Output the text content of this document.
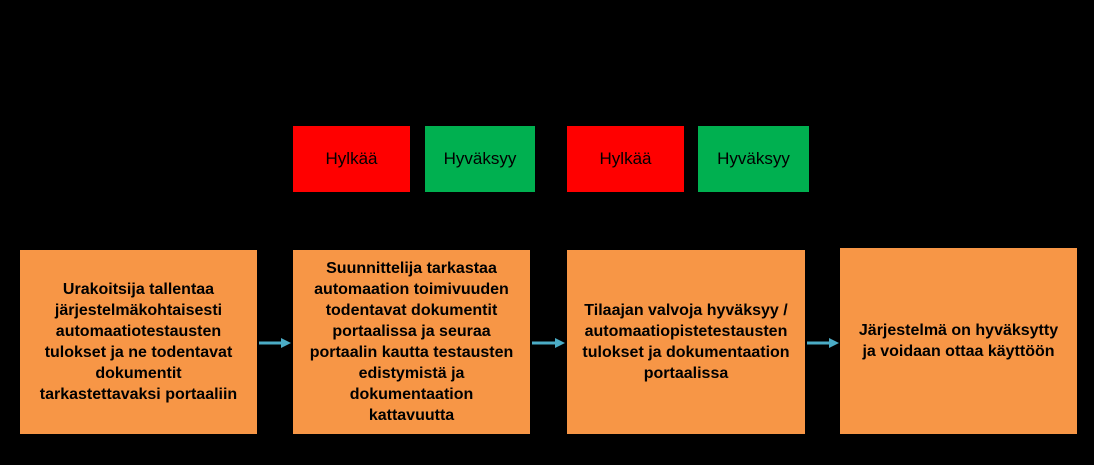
Hylkää	Hyväksyy	Hylkää	Hyväksyy
Urakoitsija tallentaa
järjestelmäkohtaisesti
automaatiotestausten
tulokset ja ne todentavat
dokumentit
tarkastettavaksi portaaliin
Suunnittelija tarkastaa
automaation toimivuuden
todentavat dokumentit
portaalissa ja seuraa
portaalin kautta testausten
edistymistä ja
dokumentaation
kattavuutta
Tilaajan valvoja hyväksyy /
automaatiopistetestausten
tulokset ja dokumentaation
portaalissa
Järjestelmä on hyväksytty
ja voidaan ottaa käyttöön
